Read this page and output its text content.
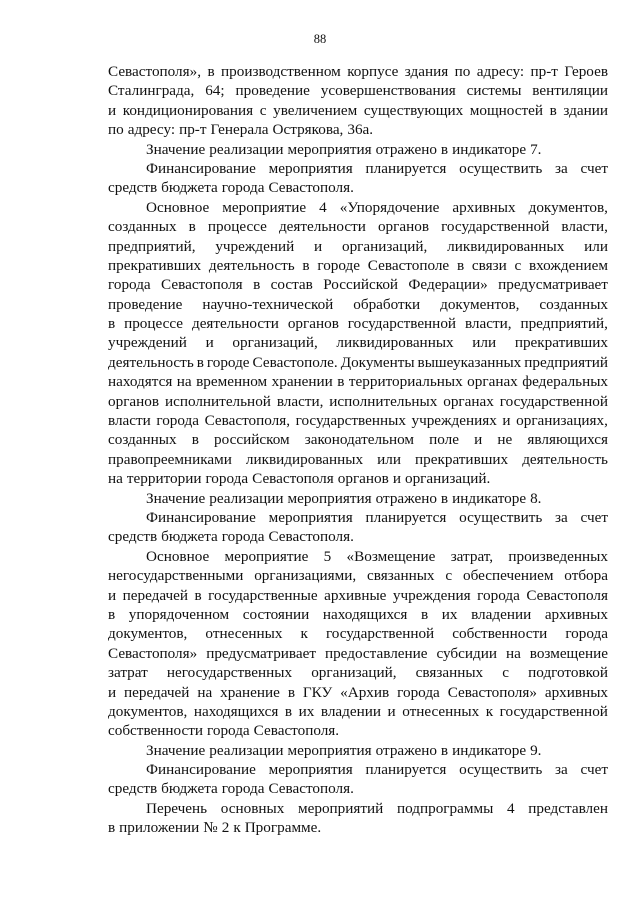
88
Севастополя», в производственном корпусе здания по адресу: пр-т Героев
Сталинграда, 64; проведение усовершенствования системы вентиляции
и кондиционирования с увеличением существующих мощностей в здании
по адресу: пр-т Генерала Острякова, 36а.
Значение реализации мероприятия отражено в индикаторе 7.
Финансирование мероприятия планируется осуществить за счет
средств бюджета города Севастополя.
Основное мероприятие 4 «Упорядочение архивных документов,
созданных в процессе деятельности органов государственной власти,
предприятий, учреждений и организаций, ликвидированных или
прекративших деятельность в городе Севастополе в связи с вхождением
города Севастополя в состав Российской Федерации» предусматривает
проведение научно-технической обработки документов, созданных
в процессе деятельности органов государственной власти, предприятий,
учреждений и организаций, ликвидированных или прекративших
деятельность в городе Севастополе. Документы вышеуказанных предприятий
находятся на временном хранении в территориальных органах федеральных
органов исполнительной власти, исполнительных органах государственной
власти города Севастополя, государственных учреждениях и организациях,
созданных в российском законодательном поле и не являющихся
правопреемниками ликвидированных или прекративших деятельность
на территории города Севастополя органов и организаций.
Значение реализации мероприятия отражено в индикаторе 8.
Финансирование мероприятия планируется осуществить за счет
средств бюджета города Севастополя.
Основное мероприятие 5 «Возмещение затрат, произведенных
негосударственными организациями, связанных с обеспечением отбора
и передачей в государственные архивные учреждения города Севастополя
в упорядоченном состоянии находящихся в их владении архивных
документов, отнесенных к государственной собственности города
Севастополя» предусматривает предоставление субсидии на возмещение
затрат негосударственных организаций, связанных с подготовкой
и передачей на хранение в ГКУ «Архив города Севастополя» архивных
документов, находящихся в их владении и отнесенных к государственной
собственности города Севастополя.
Значение реализации мероприятия отражено в индикаторе 9.
Финансирование мероприятия планируется осуществить за счет
средств бюджета города Севастополя.
Перечень основных мероприятий подпрограммы 4 представлен
в приложении № 2 к Программе.
